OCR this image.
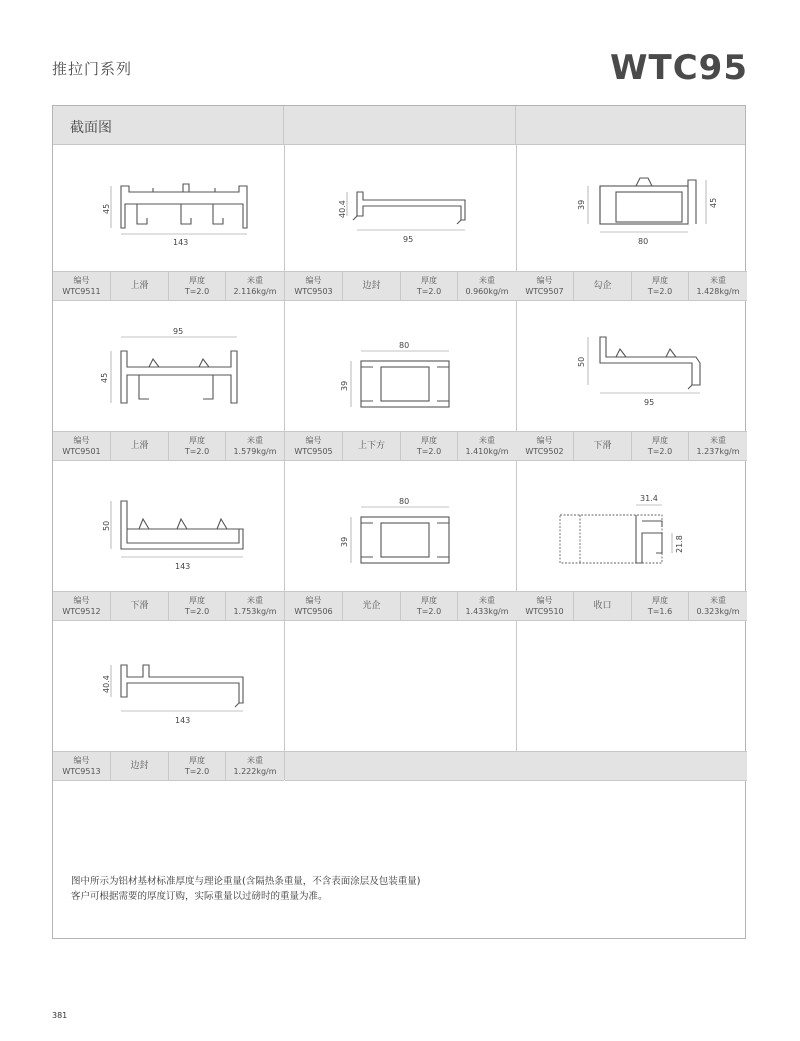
推拉门系列	WTC95
截面图
45
143
编号
WTC9511
上滑
厚度
T=2.0
米重
2.116kg/m
40.4
95
编号
WTC9503
边封
厚度
T=2.0
米重
0.960kg/m
39	45
80
编号
WTC9507
勾企
厚度
T=2.0
米重
1.428kg/m
95
45
编号
WTC9501
上滑
厚度
T=2.0
米重
1.579kg/m
80
39
编号
WTC9505
上下方
厚度
T=2.0
米重
1.410kg/m
50
95
编号
WTC9502
下滑
厚度
T=2.0
米重
1.237kg/m
50
143
编号
WTC9512
下滑
厚度
T=2.0
米重
1.753kg/m
80
39
编号
WTC9506
光企
厚度
T=2.0
米重
1.433kg/m
31.4
21.8
编号
WTC9510
收口
厚度
T=1.6
米重
0.323kg/m
40.4
143
编号
WTC9513
边封
厚度
T=2.0
米重
1.222kg/m
图中所示为铝材基材标准厚度与理论重量(含隔热条重量，不含表面涂层及包装重量)
客户可根据需要的厚度订购，实际重量以过磅时的重量为准。
381
